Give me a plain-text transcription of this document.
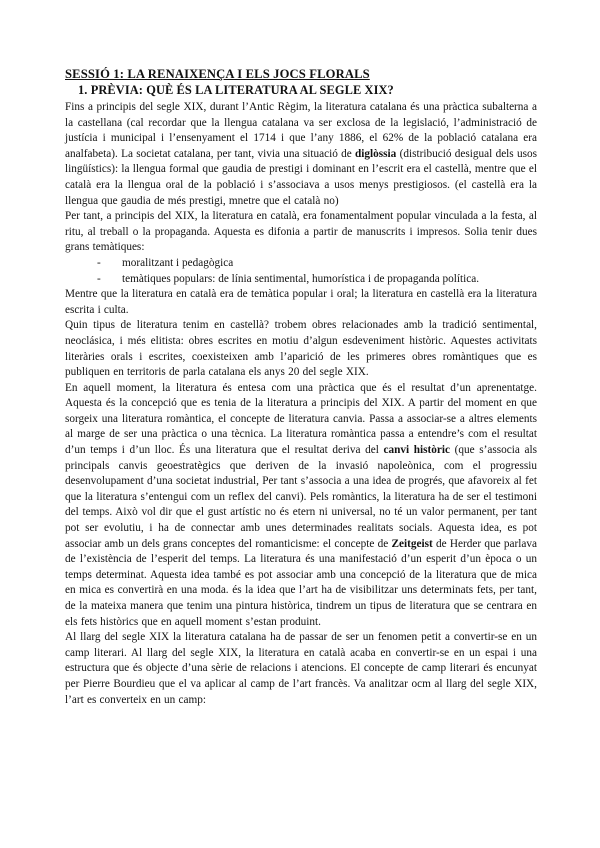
SESSIÓ 1: LA RENAIXENÇA I ELS JOCS FLORALS
1. PRÈVIA: QUÈ ÉS LA LITERATURA AL SEGLE XIX?

Fins a principis del segle XIX, durant l’Antic Règim, la literatura catalana és una pràctica subalterna a la castellana (cal recordar que la llengua catalana va ser exclosa de la legislació, l’administració de justícia i municipal i l’ensenyament el 1714 i que l’any 1886, el 62% de la població catalana era analfabeta). La societat catalana, per tant, vivia una situació de diglòssia (distribució desigual dels usos lingüístics): la llengua formal que gaudia de prestigi i dominant en l’escrit era el castellà, mentre que el català era la llengua oral de la població i s’associava a usos menys prestigiosos. (el castellà era la llengua que gaudia de més prestigi, mnetre que el català no)

Per tant, a principis del XIX, la literatura en català, era fonamentalment popular vinculada a la festa, al ritu, al treball o la propaganda. Aquesta es difonia a partir de manuscrits i impresos. Solia tenir dues grans temàtiques:

-	moralitzant i pedagògica
-	temàtiques populars: de línia sentimental, humorística i de propaganda política.

Mentre que la literatura en català era de temàtica popular i oral; la literatura en castellà era la literatura escrita i culta.

Quin tipus de literatura tenim en castellà? trobem obres relacionades amb la tradició sentimental, neoclásica, i més elitista: obres escrites en motiu d’algun esdeveniment històric. Aquestes activitats literàries orals i escrites, coexisteixen amb l’aparició de les primeres obres romàntiques que es publiquen en territoris de parla catalana els anys 20 del segle XIX.

En aquell moment, la literatura és entesa com una pràctica que és el resultat d’un aprenentatge. Aquesta és la concepció que es tenia de la literatura a principis del XIX. A partir del moment en que sorgeix una literatura romàntica, el concepte de literatura canvia. Passa a associar-se a altres elements al marge de ser una pràctica o una tècnica. La literatura romàntica passa a entendre’s com el resultat d’un temps i d’un lloc. És una literatura que el resultat deriva del canvi històric (que s’associa als principals canvis geoestratègics que deriven de la invasió napoleònica, com el progressiu desenvolupament d’una societat industrial, Per tant s’associa a una idea de progrés, que afavoreix al fet que la literatura s’entengui com un reflex del canvi). Pels romàntics, la literatura ha de ser el testimoni del temps. Això vol dir que el gust artístic no és etern ni universal, no té un valor permanent, per tant pot ser evolutiu, i ha de connectar amb unes determinades realitats socials. Aquesta idea, es pot associar amb un dels grans conceptes del romanticisme: el concepte de Zeitgeist de Herder que parlava de l’existència de l’esperit del temps. La literatura és una manifestació d’un esperit d’un època o un temps determinat. Aquesta idea també es pot associar amb una concepció de la literatura que de mica en mica es convertirà en una moda. és la idea que l’art ha de visibilitzar uns determinats fets, per tant, de la mateixa manera que tenim una pintura històrica, tindrem un tipus de literatura que se centrara en els fets històrics que en aquell moment s’estan produint.

Al llarg del segle XIX la literatura catalana ha de passar de ser un fenomen petit a convertir-se en un camp literari. Al llarg del segle XIX, la literatura en català acaba en convertir-se en un espai i una estructura que és objecte d’una sèrie de relacions i atencions. El concepte de camp literari és encunyat per Pierre Bourdieu que el va aplicar al camp de l’art francès. Va analitzar ocm al llarg del segle XIX, l’art es converteix en un camp:
